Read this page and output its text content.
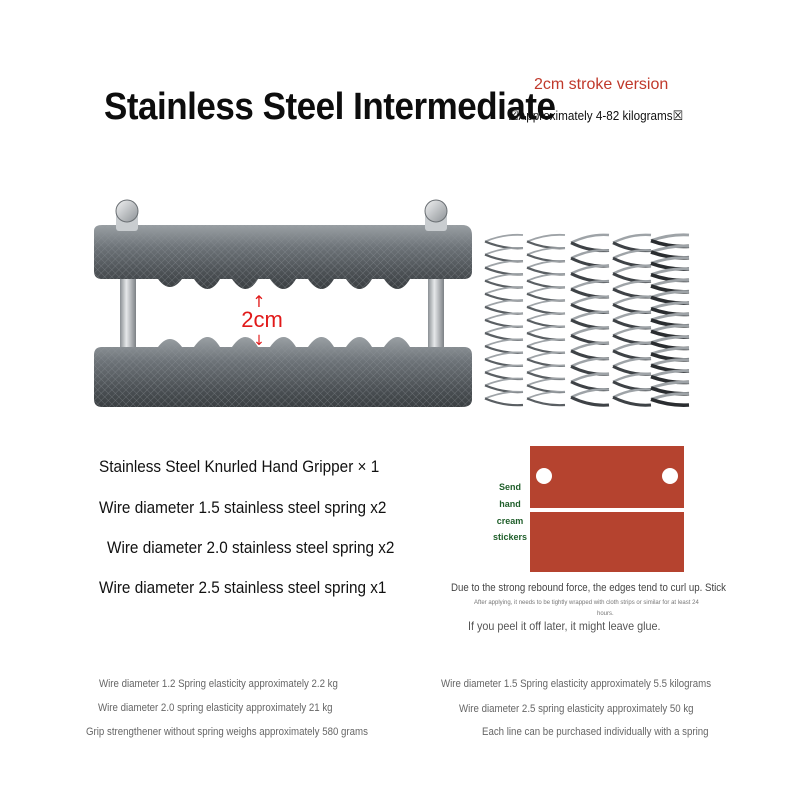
Stainless Steel Intermediate
2cm stroke version
☒Approximately 4-82 kilograms☒
↑
2cm
↓
Stainless Steel Knurled Hand Gripper × 1
Wire diameter 1.5 stainless steel spring x2
Wire diameter 2.0 stainless steel spring x2
Wire diameter 2.5 stainless steel spring x1
Send
hand
cream
stickers
Due to the strong rebound force, the edges tend to curl up. Stick
After applying, it needs to be tightly wrapped with cloth strips or similar for at least 24
hours.
If you peel it off later, it might leave glue.
Wire diameter 1.2 Spring elasticity approximately 2.2 kg
Wire diameter 2.0 spring elasticity approximately 21 kg
Grip strengthener without spring weighs approximately 580 grams
Wire diameter 1.5 Spring elasticity approximately 5.5 kilograms
Wire diameter 2.5 spring elasticity approximately 50 kg
Each line can be purchased individually with a spring
